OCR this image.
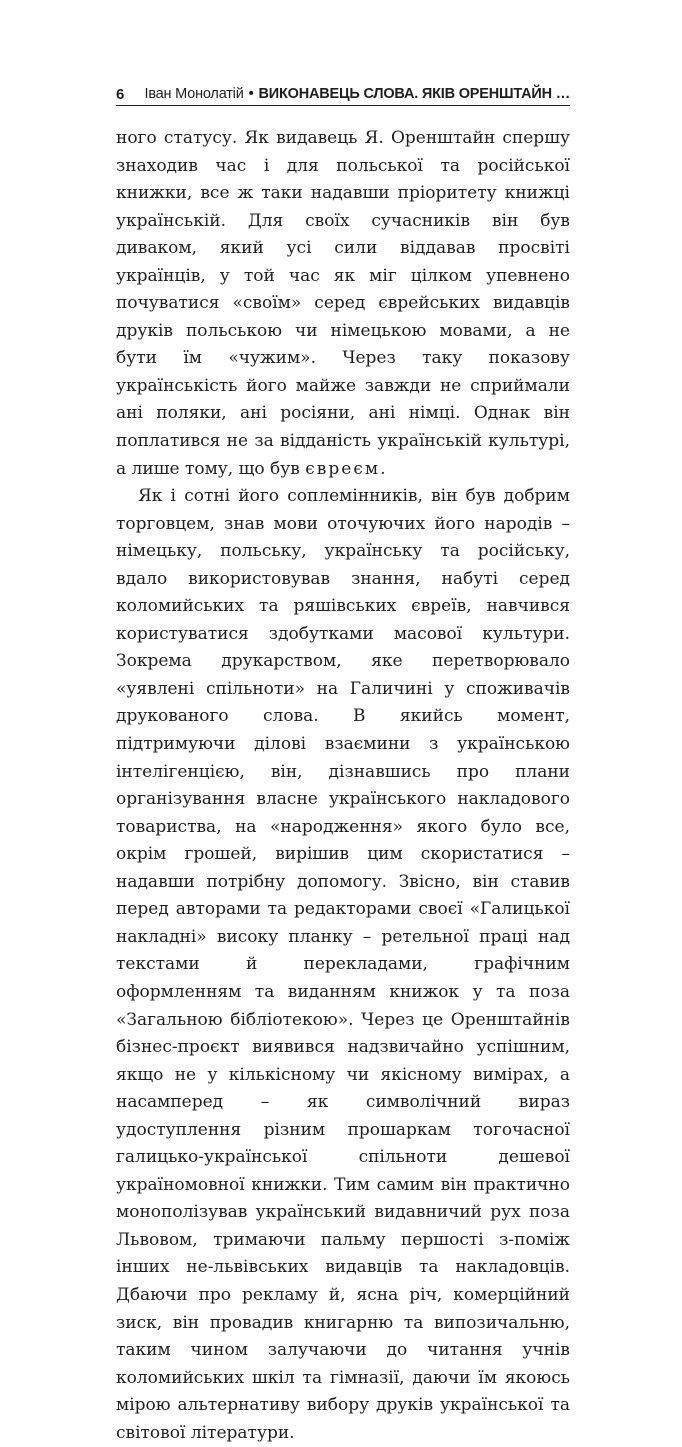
6 Іван Монолатій • ВИКОНАВЕЦЬ СЛОВА. ЯКІВ ОРЕНШТАЙН …

ного статусу. Як видавець Я. Оренштайн спершу знаходив час і для польської та російської книжки, все ж таки надавши пріоритету книжці українській. Для своїх сучасників він був диваком, який усі сили віддавав просвіті українців, у той час як міг цілком упевнено почуватися «своїм» серед єврейських видавців друків польською чи німецькою мовами, а не бути їм «чужим». Через таку показову українськість його майже завжди не сприймали ані поляки, ані росіяни, ані німці. Однак він поплатився не за відданість українській культурі, а лише тому, що був євреєм.

Як і сотні його соплемінників, він був добрим торговцем, знав мови оточуючих його народів – німецьку, польську, українську та російську, вдало використовував знання, набуті серед коломийських та ряшівських євреїв, навчився користуватися здобутками масової культури. Зокрема друкарством, яке перетворювало «уявлені спільноти» на Галичині у споживачів друкованого слова. В якийсь момент, підтримуючи ділові взаємини з українською інтелігенцією, він, дізнавшись про плани організування власне українського накладового товариства, на «народження» якого було все, окрім грошей, вирішив цим скористатися – надавши потрібну допомогу. Звісно, він ставив перед авторами та редакторами своєї «Галицької накладні» високу планку – ретельної праці над текстами й перекладами, графічним оформленням та виданням книжок у та поза «Загальною бібліотекою». Через це Оренштайнів бізнес-проєкт виявився надзвичайно успішним, якщо не у кількісному чи якісному вимірах, а насамперед – як символічний вираз удоступлення різним прошаркам тогочасної галицько-української спільноти дешевої україномовної книжки. Тим самим він практично монополізував український видавничий рух поза Львовом, тримаючи пальму першості з-поміж інших не-львівських видавців та накладовців. Дбаючи про рекламу й, ясна річ, комерційний зиск, він провадив книгарню та випозичальню, таким чином залучаючи до читання учнів коломийських шкіл та гімназії, даючи їм якоюсь мірою альтернативу вибору друків української та світової літератури.
